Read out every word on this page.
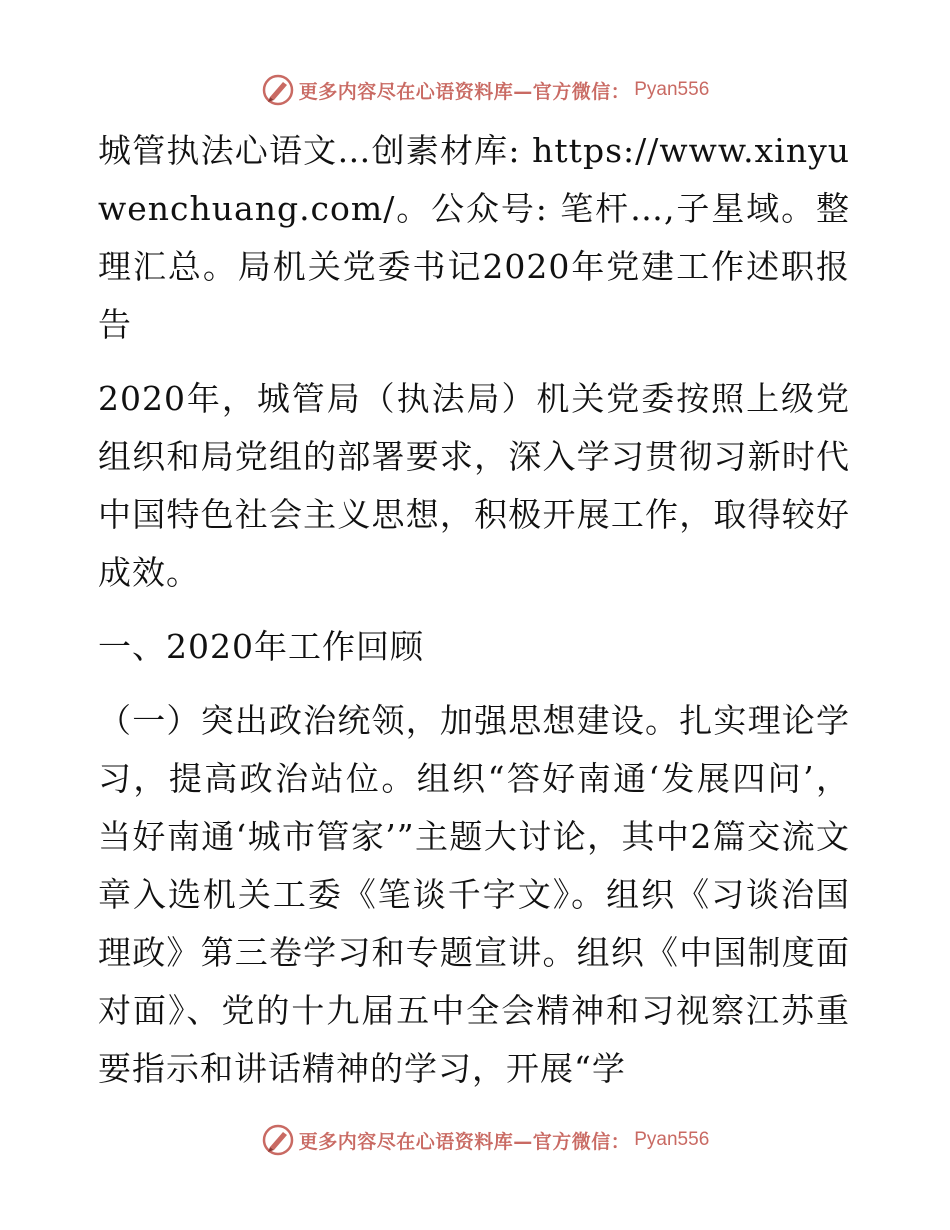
更多内容尽在心语资料库—官方微信： Pyan556

城管执法心语文…创素材库: https://www.xinyuwenchuang.com/。公众号: 笔杆…,子星域。整理汇总。局机关党委书记2020年党建工作述职报告

2020年，城管局（执法局）机关党委按照上级党组织和局党组的部署要求，深入学习贯彻习新时代中国特色社会主义思想，积极开展工作，取得较好成效。

一、2020年工作回顾

（一）突出政治统领，加强思想建设。扎实理论学习，提高政治站位。组织“答好南通‘发展四问’，当好南通‘城市管家’”主题大讨论，其中2篇交流文章入选机关工委《笔谈千字文》。组织《习谈治国理政》第三卷学习和专题宣讲。组织《中国制度面对面》、党的十九届五中全会精神和习视察江苏重要指示和讲话精神的学习，开展“学

更多内容尽在心语资料库—官方微信： Pyan556
